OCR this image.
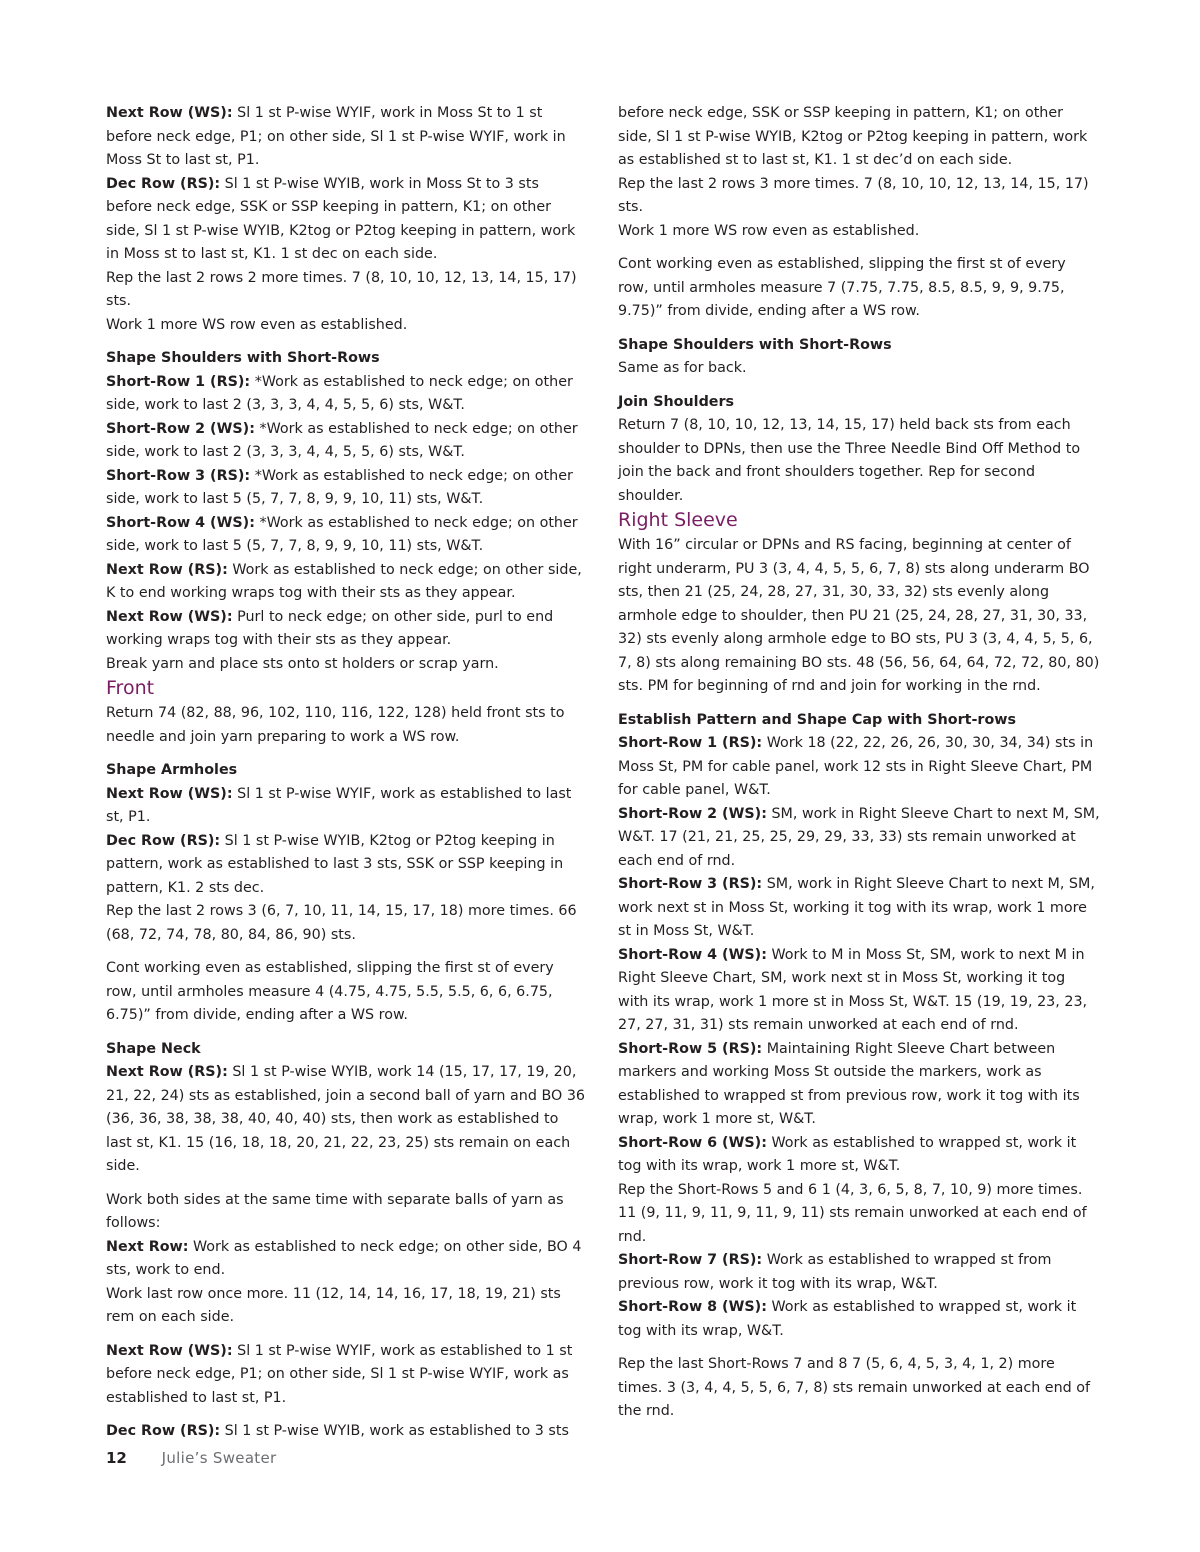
Next Row (WS): Sl 1 st P-wise WYIF, work in Moss St to 1 st before neck edge, P1; on other side, Sl 1 st P-wise WYIF, work in Moss St to last st, P1.

Dec Row (RS): Sl 1 st P-wise WYIB, work in Moss St to 3 sts before neck edge, SSK or SSP keeping in pattern, K1; on other side, Sl 1 st P-wise WYIB, K2tog or P2tog keeping in pattern, work in Moss st to last st, K1. 1 st dec on each side.

Rep the last 2 rows 2 more times. 7 (8, 10, 10, 12, 13, 14, 15, 17) sts.

Work 1 more WS row even as established.

Shape Shoulders with Short-Rows

Short-Row 1 (RS): *Work as established to neck edge; on other side, work to last 2 (3, 3, 3, 4, 4, 5, 5, 6) sts, W&T.

Short-Row 2 (WS): *Work as established to neck edge; on other side, work to last 2 (3, 3, 3, 4, 4, 5, 5, 6) sts, W&T.

Short-Row 3 (RS): *Work as established to neck edge; on other side, work to last 5 (5, 7, 7, 8, 9, 9, 10, 11) sts, W&T.

Short-Row 4 (WS): *Work as established to neck edge; on other side, work to last 5 (5, 7, 7, 8, 9, 9, 10, 11) sts, W&T.

Next Row (RS): Work as established to neck edge; on other side, K to end working wraps tog with their sts as they appear.

Next Row (WS): Purl to neck edge; on other side, purl to end working wraps tog with their sts as they appear.

Break yarn and place sts onto st holders or scrap yarn.

Front

Return 74 (82, 88, 96, 102, 110, 116, 122, 128) held front sts to needle and join yarn preparing to work a WS row.

Shape Armholes

Next Row (WS): Sl 1 st P-wise WYIF, work as established to last st, P1.

Dec Row (RS): Sl 1 st P-wise WYIB, K2tog or P2tog keeping in pattern, work as established to last 3 sts, SSK or SSP keeping in pattern, K1. 2 sts dec.

Rep the last 2 rows 3 (6, 7, 10, 11, 14, 15, 17, 18) more times. 66 (68, 72, 74, 78, 80, 84, 86, 90) sts.

Cont working even as established, slipping the first st of every row, until armholes measure 4 (4.75, 4.75, 5.5, 5.5, 6, 6, 6.75, 6.75)” from divide, ending after a WS row.

Shape Neck

Next Row (RS): Sl 1 st P-wise WYIB, work 14 (15, 17, 17, 19, 20, 21, 22, 24) sts as established, join a second ball of yarn and BO 36 (36, 36, 38, 38, 38, 40, 40, 40) sts, then work as established to last st, K1. 15 (16, 18, 18, 20, 21, 22, 23, 25) sts remain on each side.

Work both sides at the same time with separate balls of yarn as follows:

Next Row: Work as established to neck edge; on other side, BO 4 sts, work to end.

Work last row once more. 11 (12, 14, 14, 16, 17, 18, 19, 21) sts rem on each side.

Next Row (WS): Sl 1 st P-wise WYIF, work as established to 1 st before neck edge, P1; on other side, Sl 1 st P-wise WYIF, work as established to last st, P1.

Dec Row (RS): Sl 1 st P-wise WYIB, work as established to 3 sts

before neck edge, SSK or SSP keeping in pattern, K1; on other side, Sl 1 st P-wise WYIB, K2tog or P2tog keeping in pattern, work as established st to last st, K1. 1 st dec’d on each side.

Rep the last 2 rows 3 more times. 7 (8, 10, 10, 12, 13, 14, 15, 17) sts.

Work 1 more WS row even as established.

Cont working even as established, slipping the first st of every row, until armholes measure 7 (7.75, 7.75, 8.5, 8.5, 9, 9, 9.75, 9.75)” from divide, ending after a WS row.

Shape Shoulders with Short-Rows

Same as for back.

Join Shoulders

Return 7 (8, 10, 10, 12, 13, 14, 15, 17) held back sts from each shoulder to DPNs, then use the Three Needle Bind Off Method to join the back and front shoulders together. Rep for second shoulder.

Right Sleeve

With 16” circular or DPNs and RS facing, beginning at center of right underarm, PU 3 (3, 4, 4, 5, 5, 6, 7, 8) sts along underarm BO sts, then 21 (25, 24, 28, 27, 31, 30, 33, 32) sts evenly along armhole edge to shoulder, then PU 21 (25, 24, 28, 27, 31, 30, 33, 32) sts evenly along armhole edge to BO sts, PU 3 (3, 4, 4, 5, 5, 6, 7, 8) sts along remaining BO sts. 48 (56, 56, 64, 64, 72, 72, 80, 80) sts. PM for beginning of rnd and join for working in the rnd.

Establish Pattern and Shape Cap with Short-rows

Short-Row 1 (RS): Work 18 (22, 22, 26, 26, 30, 30, 34, 34) sts in Moss St, PM for cable panel, work 12 sts in Right Sleeve Chart, PM for cable panel, W&T.

Short-Row 2 (WS): SM, work in Right Sleeve Chart to next M, SM, W&T. 17 (21, 21, 25, 25, 29, 29, 33, 33) sts remain unworked at each end of rnd.

Short-Row 3 (RS): SM, work in Right Sleeve Chart to next M, SM, work next st in Moss St, working it tog with its wrap, work 1 more st in Moss St, W&T.

Short-Row 4 (WS): Work to M in Moss St, SM, work to next M in Right Sleeve Chart, SM, work next st in Moss St, working it tog with its wrap, work 1 more st in Moss St, W&T. 15 (19, 19, 23, 23, 27, 27, 31, 31) sts remain unworked at each end of rnd.

Short-Row 5 (RS): Maintaining Right Sleeve Chart between markers and working Moss St outside the markers, work as established to wrapped st from previous row, work it tog with its wrap, work 1 more st, W&T.

Short-Row 6 (WS): Work as established to wrapped st, work it tog with its wrap, work 1 more st, W&T.

Rep the Short-Rows 5 and 6 1 (4, 3, 6, 5, 8, 7, 10, 9) more times. 11 (9, 11, 9, 11, 9, 11, 9, 11) sts remain unworked at each end of rnd.

Short-Row 7 (RS): Work as established to wrapped st from previous row, work it tog with its wrap, W&T.

Short-Row 8 (WS): Work as established to wrapped st, work it tog with its wrap, W&T.

Rep the last Short-Rows 7 and 8 7 (5, 6, 4, 5, 3, 4, 1, 2) more times. 3 (3, 4, 4, 5, 5, 6, 7, 8) sts remain unworked at each end of the rnd.

12 Julie’s Sweater
